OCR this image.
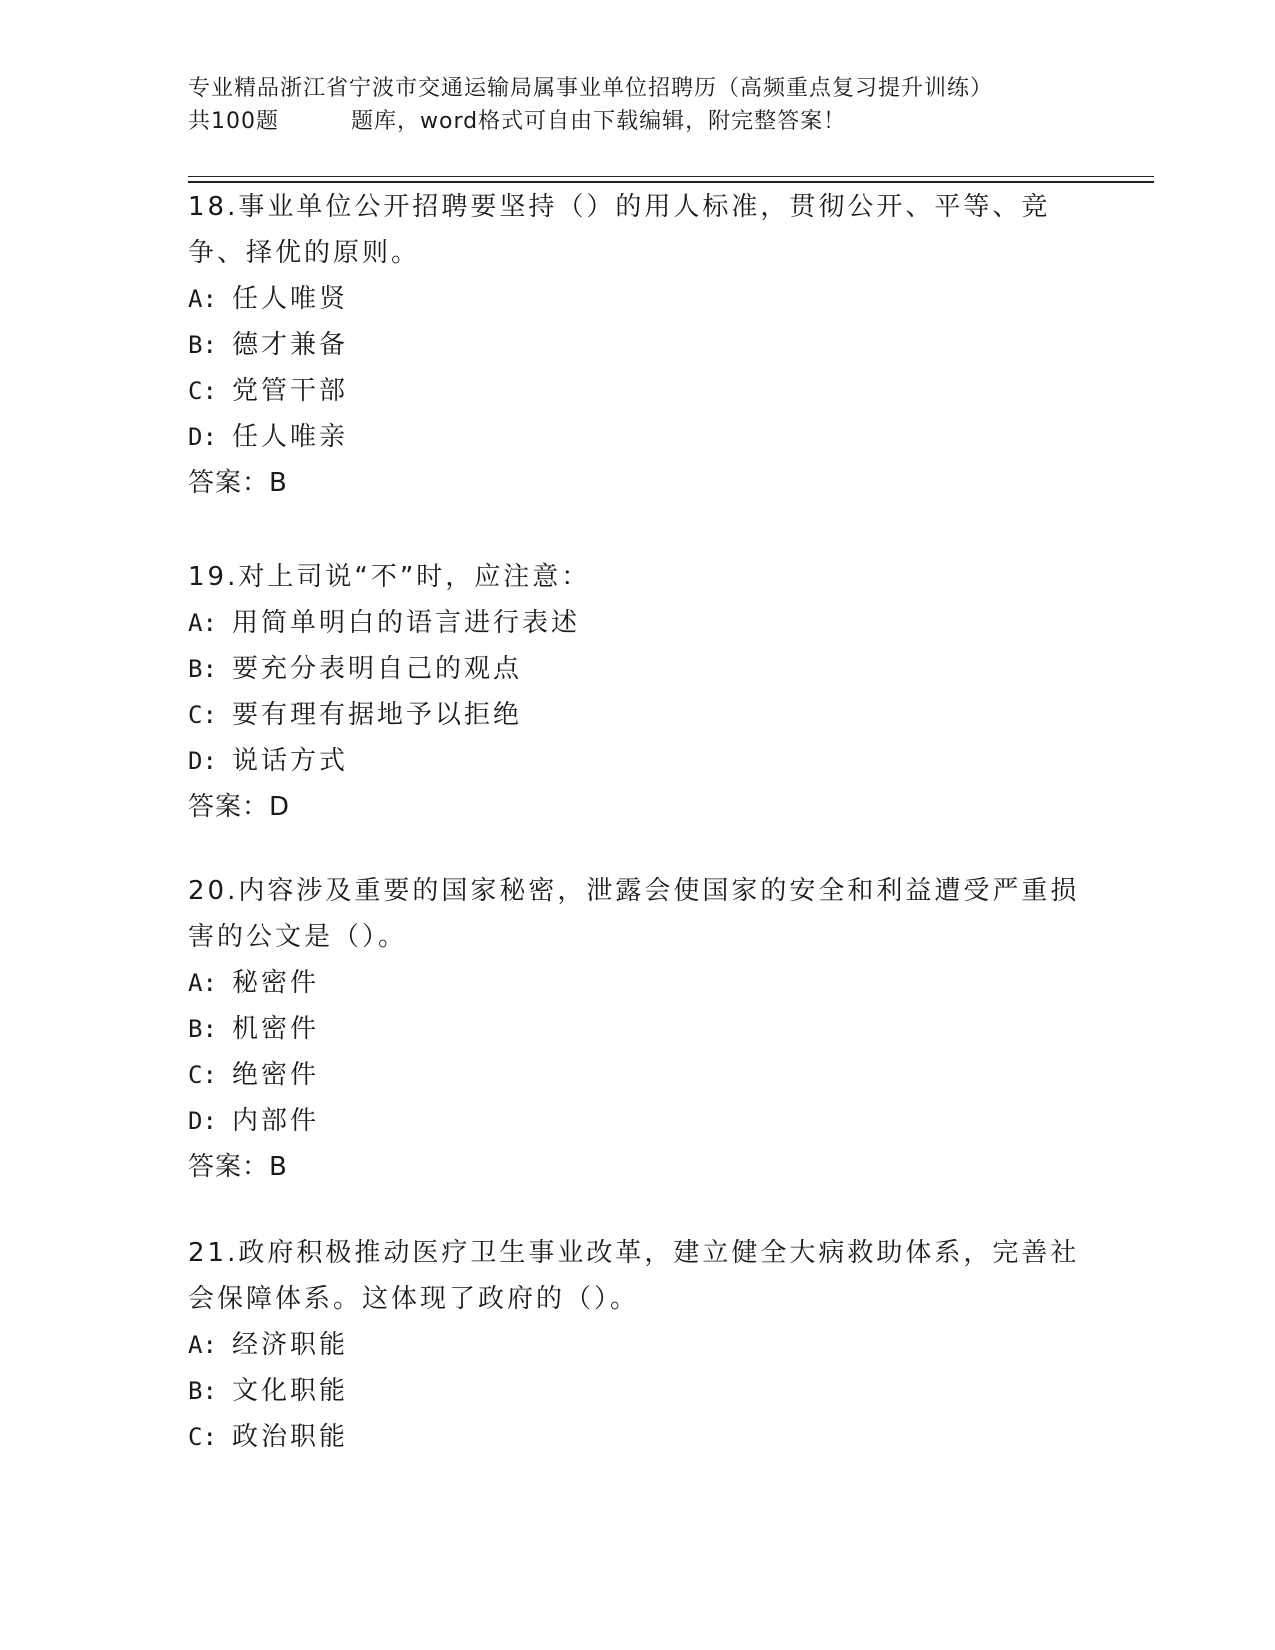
专业精品浙江省宁波市交通运输局属事业单位招聘历（高频重点复习提升训练）
共100题	题库，word格式可自由下载编辑，附完整答案！
18.事业单位公开招聘要坚持（）的用人标准，贯彻公开、平等、竞争、择优的原则。
A: 任人唯贤
B: 德才兼备
C: 党管干部
D: 任人唯亲
答案：B
19.对上司说“不”时，应注意：
A: 用简单明白的语言进行表述
B: 要充分表明自己的观点
C: 要有理有据地予以拒绝
D: 说话方式
答案：D
20.内容涉及重要的国家秘密，泄露会使国家的安全和利益遭受严重损害的公文是（）。
A: 秘密件
B: 机密件
C: 绝密件
D: 内部件
答案：B
21.政府积极推动医疗卫生事业改革，建立健全大病救助体系，完善社会保障体系。这体现了政府的（）。
A: 经济职能
B: 文化职能
C: 政治职能
